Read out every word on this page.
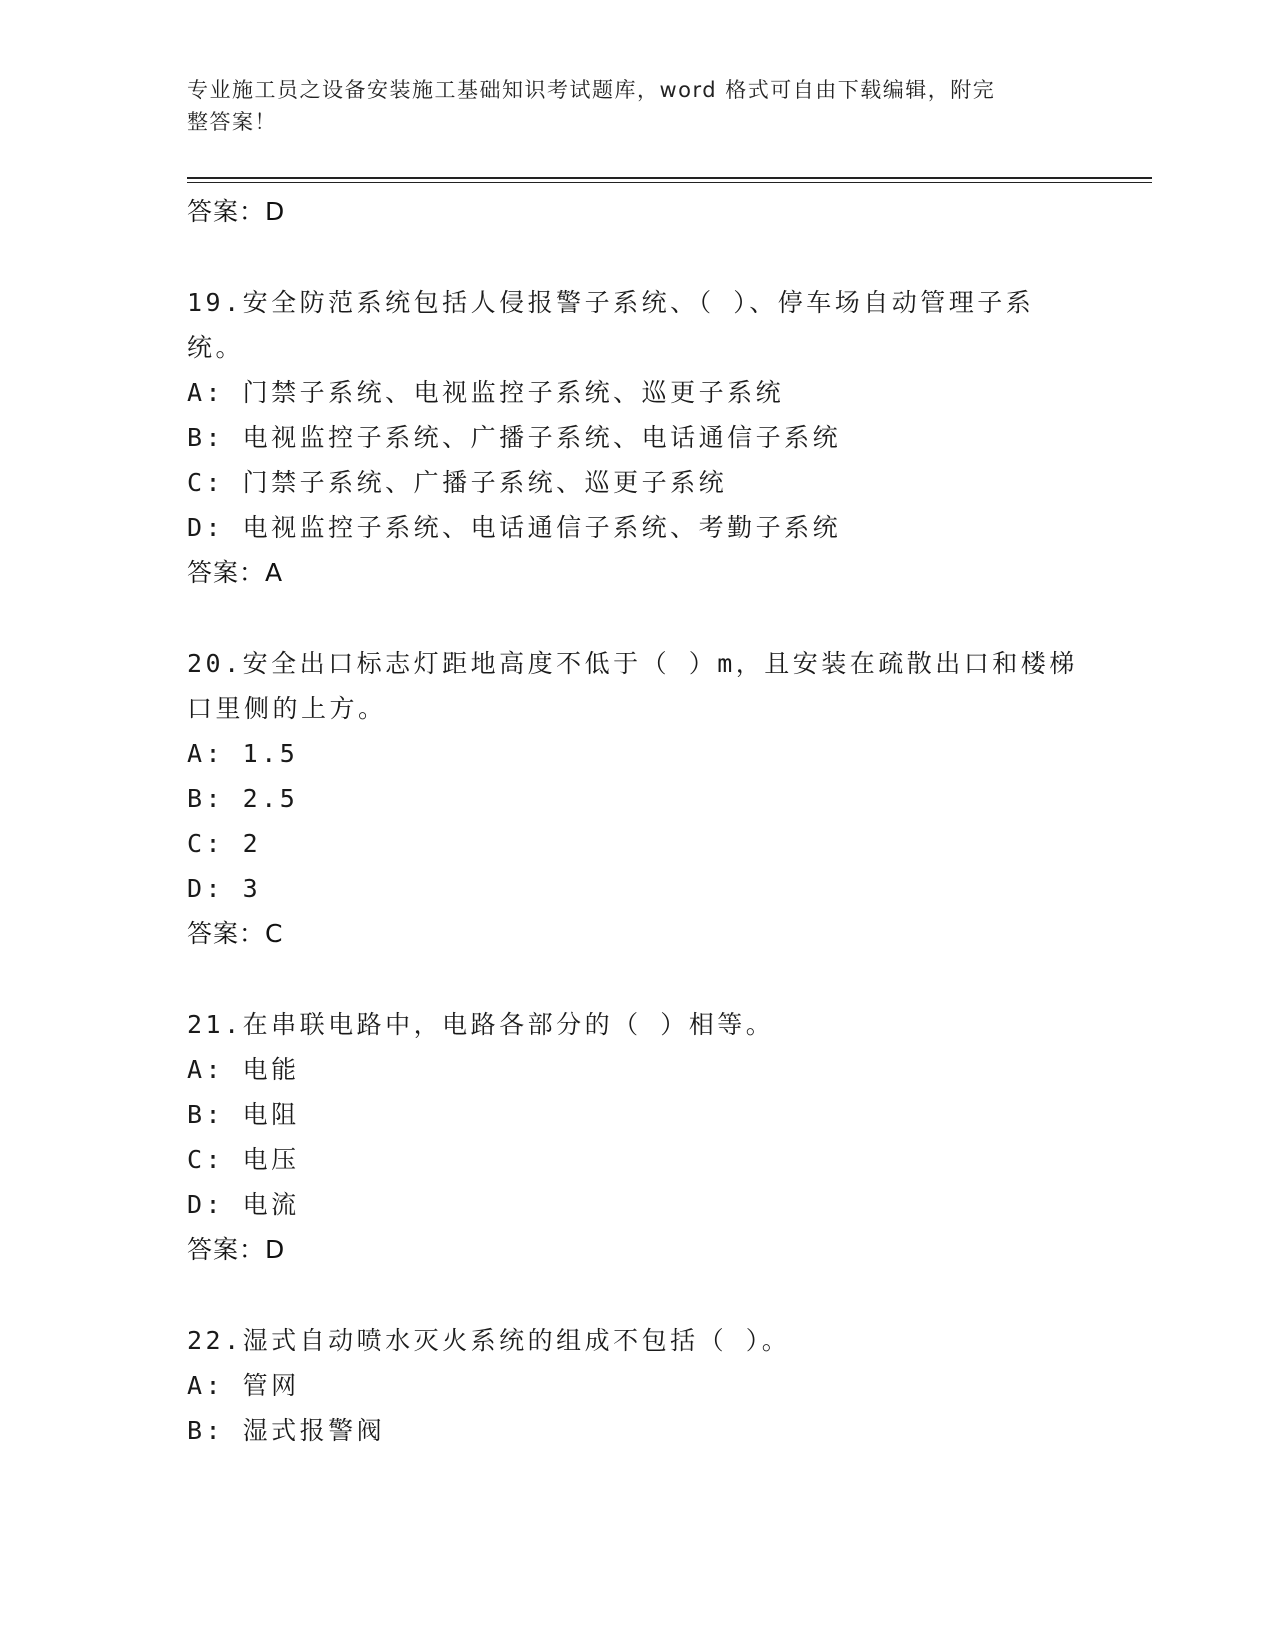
专业施工员之设备安装施工基础知识考试题库，word 格式可自由下载编辑，附完
整答案！

答案：D

19.安全防范系统包括人侵报警子系统、（ ）、停车场自动管理子系

统。

A: 门禁子系统、电视监控子系统、巡更子系统

B: 电视监控子系统、广播子系统、电话通信子系统

C: 门禁子系统、广播子系统、巡更子系统

D: 电视监控子系统、电话通信子系统、考勤子系统

答案：A

20.安全出口标志灯距地高度不低于（ ）m，且安装在疏散出口和楼梯

口里侧的上方。

A: 1.5

B: 2.5

C: 2

D: 3

答案：C

21.在串联电路中，电路各部分的（ ）相等。

A: 电能

B: 电阻

C: 电压

D: 电流

答案：D

22.湿式自动喷水灭火系统的组成不包括（ ）。

A: 管网

B: 湿式报警阀
